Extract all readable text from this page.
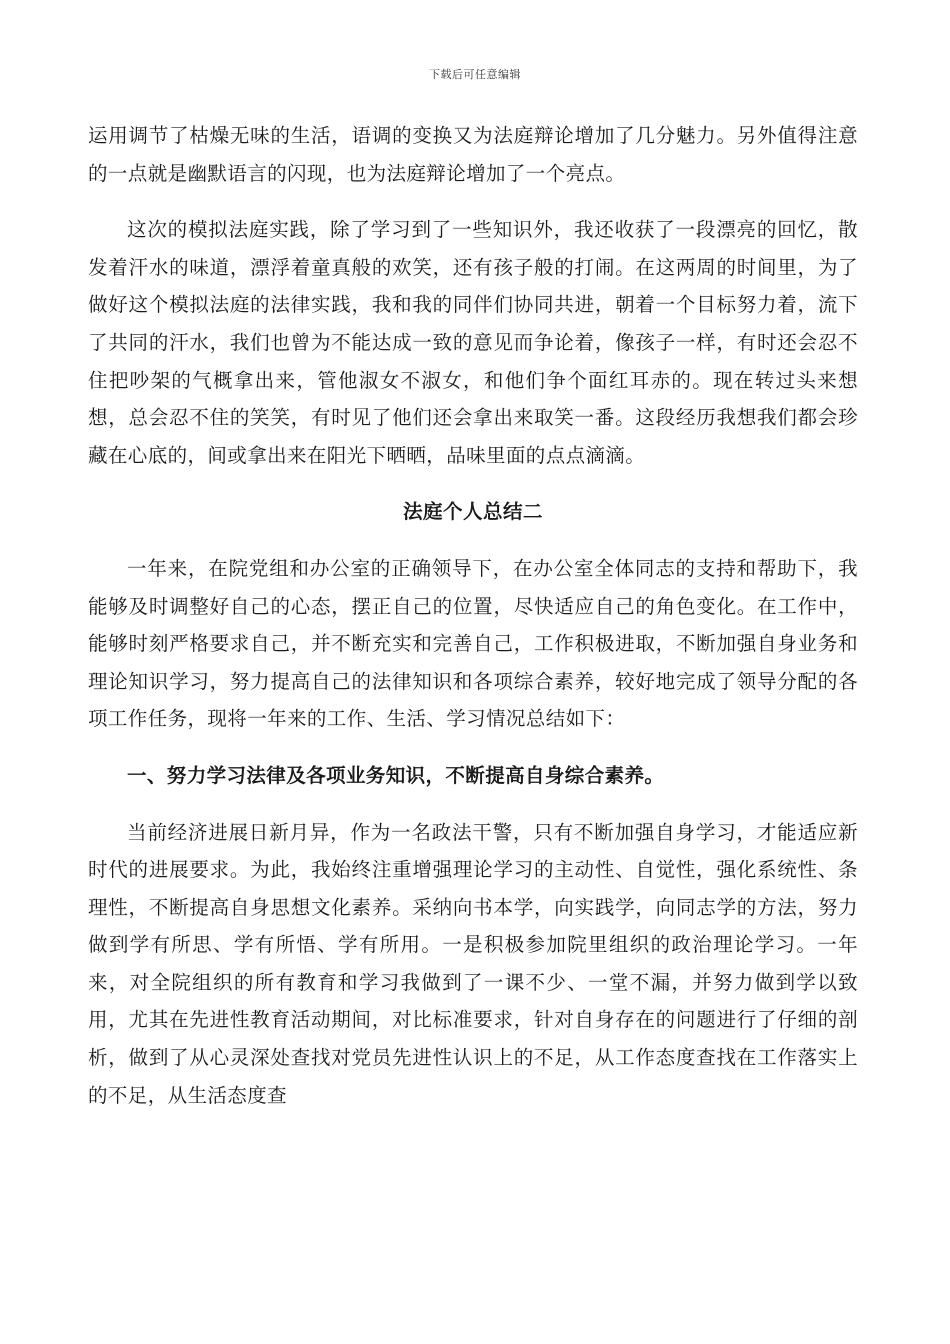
下载后可任意编辑

运用调节了枯燥无味的生活，语调的变换又为法庭辩论增加了几分魅力。另外值得注意的一点就是幽默语言的闪现，也为法庭辩论增加了一个亮点。

这次的模拟法庭实践，除了学习到了一些知识外，我还收获了一段漂亮的回忆，散发着汗水的味道，漂浮着童真般的欢笑，还有孩子般的打闹。在这两周的时间里，为了做好这个模拟法庭的法律实践，我和我的同伴们协同共进，朝着一个目标努力着，流下了共同的汗水，我们也曾为不能达成一致的意见而争论着，像孩子一样，有时还会忍不住把吵架的气概拿出来，管他淑女不淑女，和他们争个面红耳赤的。现在转过头来想想，总会忍不住的笑笑，有时见了他们还会拿出来取笑一番。这段经历我想我们都会珍藏在心底的，间或拿出来在阳光下晒晒，品味里面的点点滴滴。

法庭个人总结二

一年来，在院党组和办公室的正确领导下，在办公室全体同志的支持和帮助下，我能够及时调整好自己的心态，摆正自己的位置，尽快适应自己的角色变化。在工作中，能够时刻严格要求自己，并不断充实和完善自己，工作积极进取，不断加强自身业务和理论知识学习，努力提高自己的法律知识和各项综合素养，较好地完成了领导分配的各项工作任务，现将一年来的工作、生活、学习情况总结如下：

一、努力学习法律及各项业务知识，不断提高自身综合素养。

当前经济进展日新月异，作为一名政法干警，只有不断加强自身学习，才能适应新时代的进展要求。为此，我始终注重增强理论学习的主动性、自觉性，强化系统性、条理性，不断提高自身思想文化素养。采纳向书本学，向实践学，向同志学的方法，努力做到学有所思、学有所悟、学有所用。一是积极参加院里组织的政治理论学习。一年来，对全院组织的所有教育和学习我做到了一课不少、一堂不漏，并努力做到学以致用，尤其在先进性教育活动期间，对比标准要求，针对自身存在的问题进行了仔细的剖析，做到了从心灵深处查找对党员先进性认识上的不足，从工作态度查找在工作落实上的不足，从生活态度查
